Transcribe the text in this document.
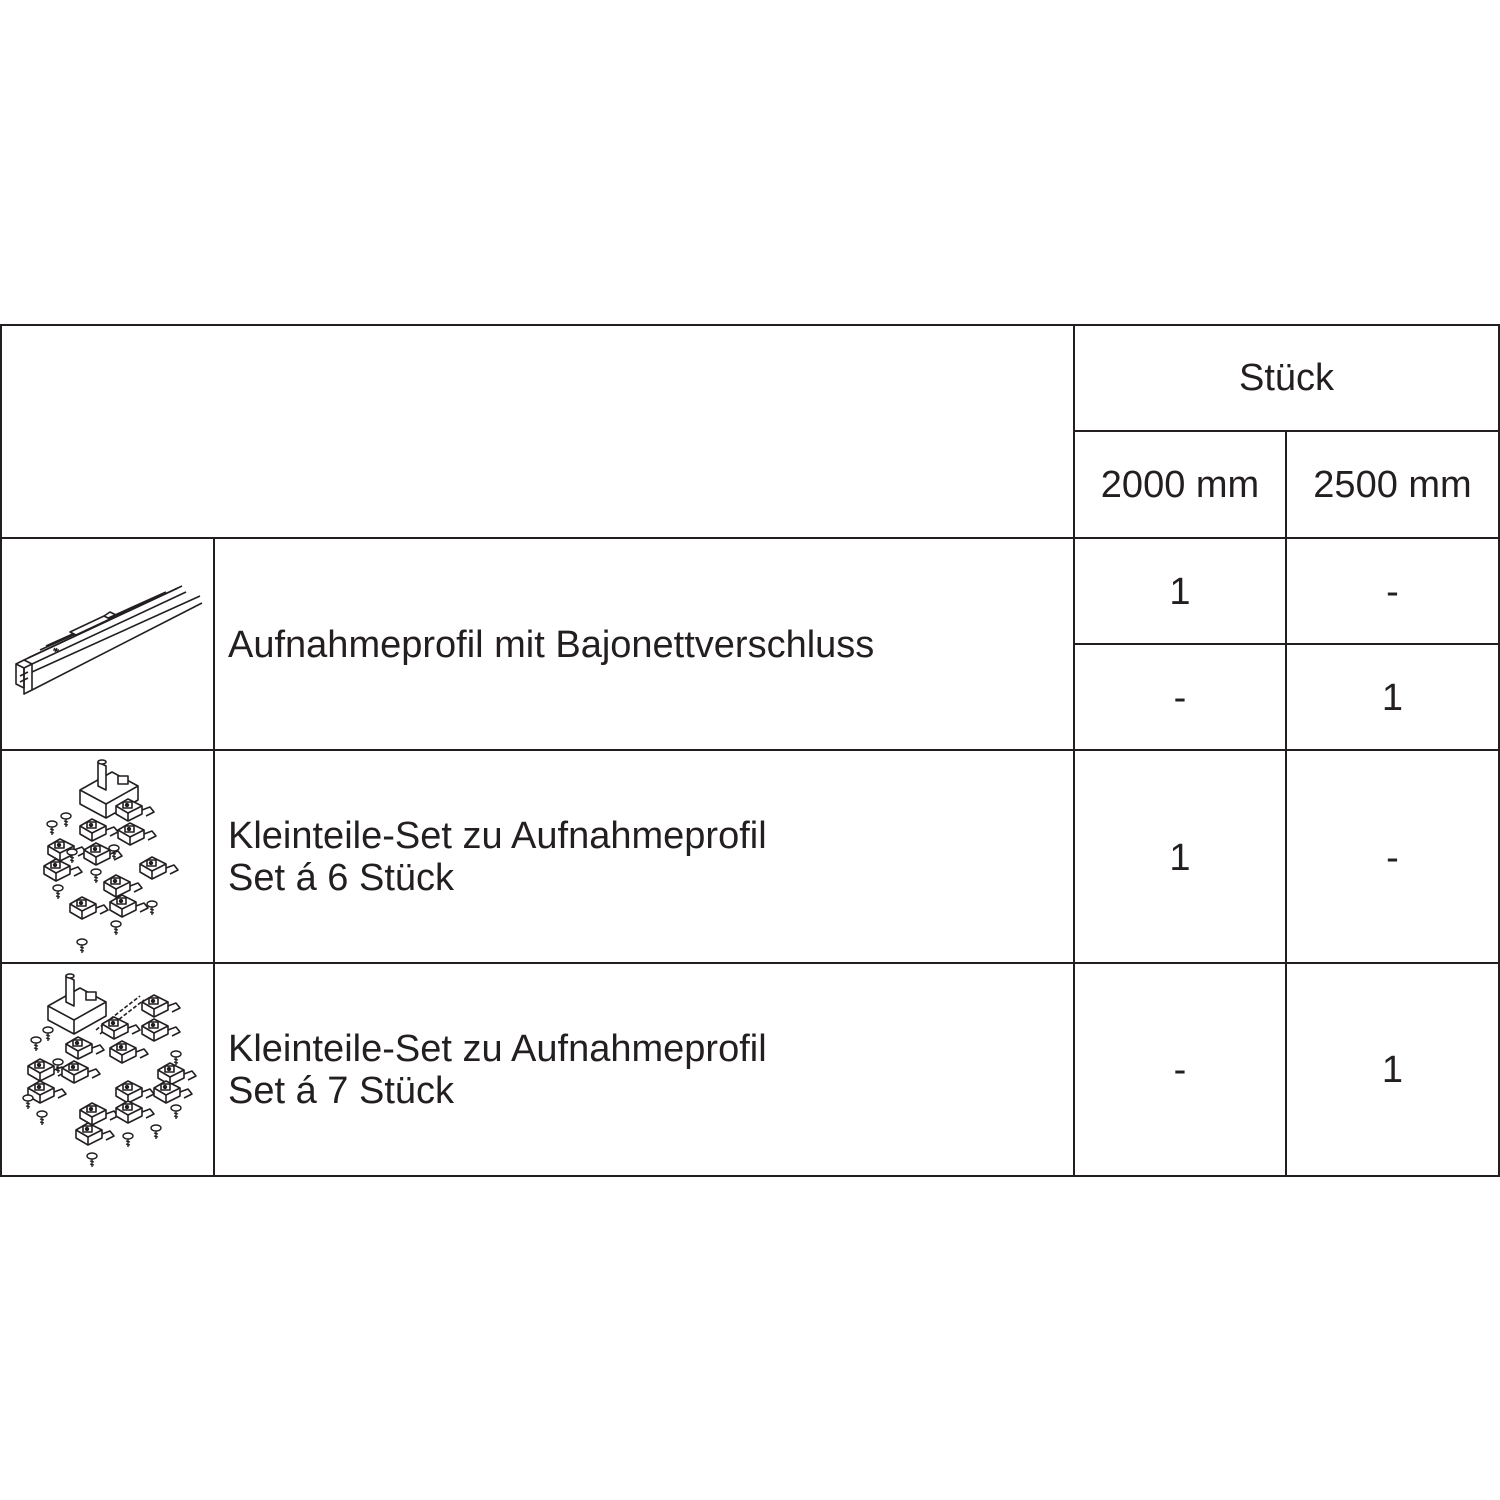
Stück
2000 mm	2500 mm
Aufnahmeprofil mit Bajonettverschluss
1	-
-	1
Kleinteile-Set zu Aufnahmeprofil
Set á 6 Stück	1	-
Kleinteile-Set zu Aufnahmeprofil
Set á 7 Stück	-	1
